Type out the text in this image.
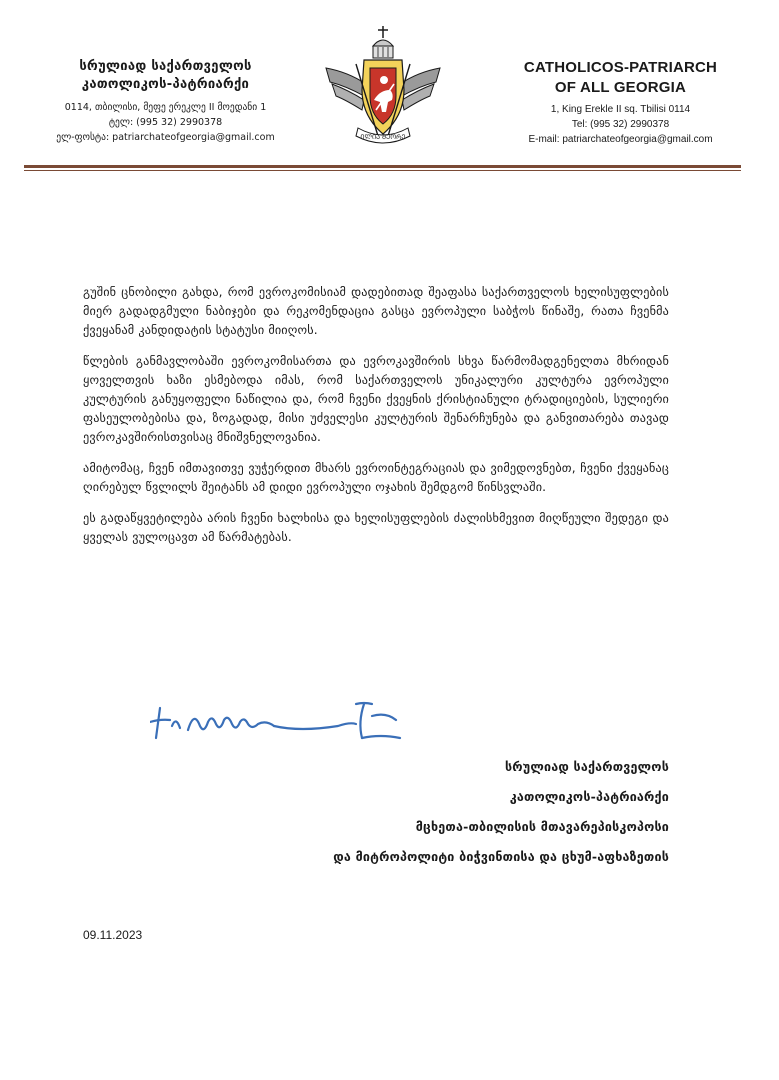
სრულიად საქართველოს
კათოლიკოს-პატრიარქი
0114, თბილისი, მეფე ერეკლე II მოედანი 1
ტელ: (995 32) 2990378
ელ-ფოსტა: patriarchateofgeorgia@gmail.com	ᲘᲚᲘᲐ ᲛᲔᲝᲠᲔ
CATHOLICOS-PATRIARCH
OF ALL GEORGIA
1, King Erekle II sq. Tbilisi 0114
Tel: (995 32) 2990378
E-mail: patriarchateofgeorgia@gmail.com

გუშინ ცნობილი გახდა, რომ ევროკომისიამ დადებითად შეაფასა საქართველოს ხელისუფლების მიერ გადადგმული ნაბიჯები და რეკომენდაცია გასცა ევროპული საბჭოს წინაშე, რათა ჩვენმა ქვეყანამ კანდიდატის სტატუსი მიიღოს.

წლების განმავლობაში ევროკომისართა და ევროკავშირის სხვა წარმომადგენელთა მხრიდან ყოველთვის ხაზი ესმებოდა იმას, რომ საქართველოს უნიკალური კულტურა ევროპული კულტურის განუყოფელი ნაწილია და, რომ ჩვენი ქვეყნის ქრისტიანული ტრადიციების, სულიერი ფასეულობებისა და, ზოგადად, მისი უძველესი კულტურის შენარჩუნება და განვითარება თავად ევროკავშირისთვისაც მნიშვნელოვანია.

ამიტომაც, ჩვენ იმთავითვე ვუჭერდით მხარს ევროინტეგრაციას და ვიმედოვნებთ, ჩვენი ქვეყანაც ღირებულ წვლილს შეიტანს ამ დიდი ევროპული ოჯახის შემდგომ წინსვლაში.

ეს გადაწყვეტილება არის ჩვენი ხალხისა და ხელისუფლების ძალისხმევით მიღწეული შედეგი და ყველას ვულოცავთ ამ წარმატებას.

სრულიად საქართველოს
კათოლიკოს-პატრიარქი
მცხეთა-თბილისის მთავარეპისკოპოსი
და მიტროპოლიტი ბიჭვინთისა და ცხუმ-აფხაზეთის
09.11.2023
